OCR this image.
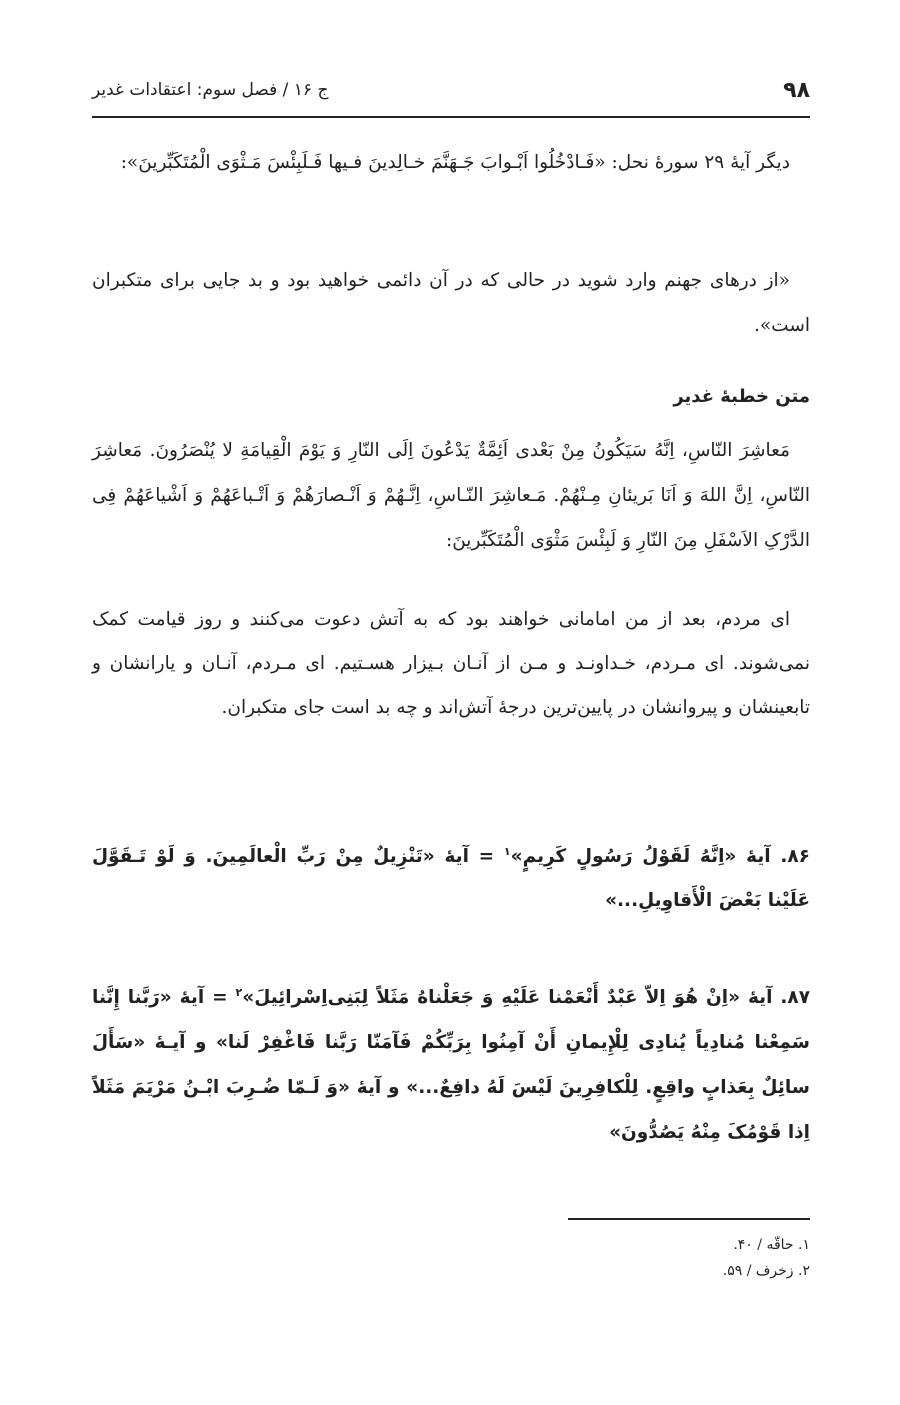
۹۸
ج ۱۶ / فصل سوم: اعتقادات غدیر

دیگر آیهٔ ۲۹ سورهٔ نحل: «فَـادْخُلُوا اَبْـوابَ جَـهَنَّمَ خـالِدینَ فـیها فَـلَبِئْسَ مَـثْوَی الْمُتَکَبِّرینَ»:

«از درهای جهنم وارد شوید در حالی که در آن دائمی خواهید بود و بد جایی برای متکبران است».

متن خطبهٔ غدیر

مَعاشِرَ النّاسِ، اِنَّهُ سَیَکُونُ مِنْ بَعْدی اَئِمَّةٌ یَدْعُونَ اِلَی النّارِ وَ یَوْمَ الْقِیامَةِ لا یُنْصَرُونَ. مَعاشِرَ النّاسِ، اِنَّ اللهَ وَ اَنَا بَریئانِ مِـنْهُمْ. مَـعاشِرَ النّـاسِ، اِنَّـهُمْ وَ اَنْـصارَهُمْ وَ اَتْـباعَهُمْ وَ اَشْیاعَهُمْ فِی الدَّرْکِ الاَسْفَلِ مِنَ النّارِ وَ لَبِئْسَ مَثْوَی الْمُتَکَبِّرینَ:

ای مردم، بعد از من امامانی خواهند بود که به آتش دعوت می‌کنند و روز قیامت کمک نمی‌شوند. ای مـردم، خـداونـد و مـن از آنـان بـیزار هسـتیم. ای مـردم، آنـان و یارانشان و تابعینشان و پیروانشان در پایین‌ترین درجهٔ آتش‌اند و چه بد است جای متکبران.

۸۶. آیهٔ «اِنَّهُ لَقَوْلُ رَسُولٍ کَرِیمٍ»$^۱$ = آیهٔ «تَنْزِیلٌ مِنْ رَبِّ الْعالَمِینَ. وَ لَوْ تَـقَوَّلَ عَلَیْنا بَعْضَ الْأَقاوِیلِ...»

۸۷. آیهٔ «اِنْ هُوَ اِلاّ عَبْدٌ أَنْعَمْنا عَلَیْهِ وَ جَعَلْناهُ مَثَلاً لِبَنِی‌اِسْرائِیلَ»$^۲$ = آیهٔ «رَبَّنا إِنَّنا سَمِعْنا مُنادِیاً یُنادِی لِلْإِیمانِ أَنْ آمِنُوا بِرَبِّکُمْ فَآمَنّا رَبَّنا فَاغْفِرْ لَنا» و آیـهٔ «سَأَلَ سائِلٌ بِعَذابٍ واقِعٍ. لِلْکافِرِینَ لَیْسَ لَهُ دافِعٌ...» و آیهٔ «وَ لَـمّا ضُـرِبَ ابْـنُ مَرْیَمَ مَثَلاً اِذا قَوْمُکَ مِنْهُ یَصُدُّونَ»

۱. حاقّه / ۴۰.
۲. زخرف / ۵۹.
